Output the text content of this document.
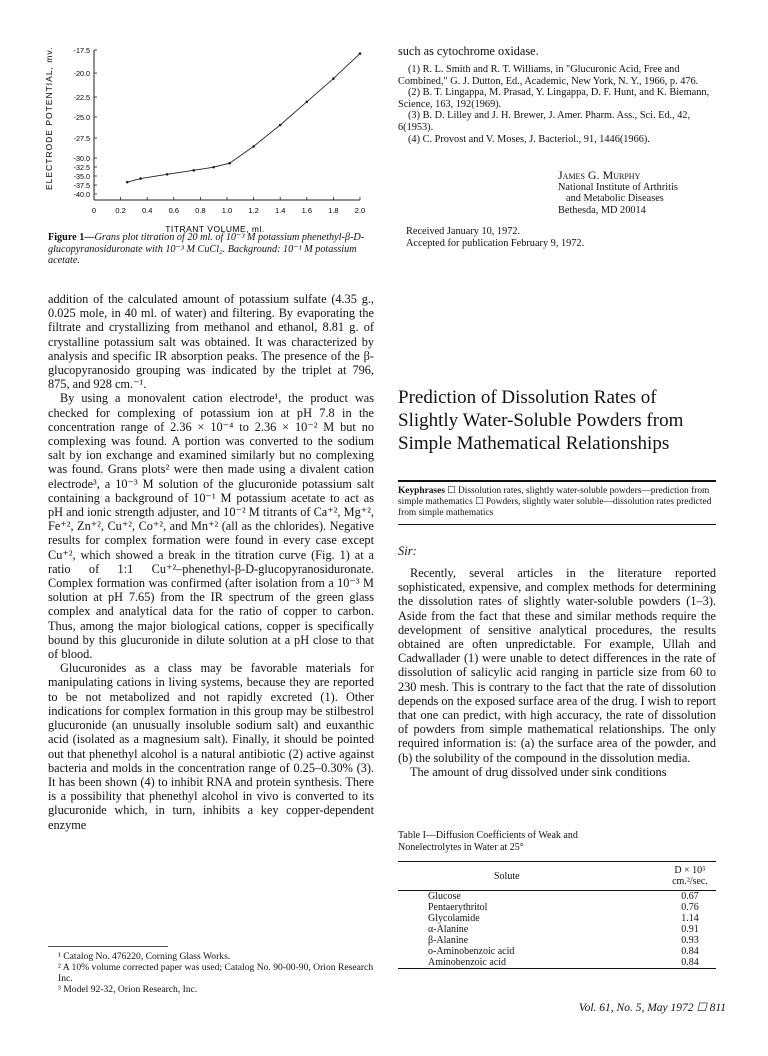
ELECTRODE POTENTIAL, mv.
TITRANT VOLUME, ml.
0	0.2 0.4 0.6 0.8 1.0 1.2 1.4 1.6 1.8 2.0
-17.5
-20.0
-22.5
-25.0
-27.5
-30.0
-32.5
-35.0
-37.5
-40.0
Figure 1—Grans plot titration of 20 ml. of 10⁻³ M potassium phenethyl-β-D-glucopyranosiduronate with 10⁻³ M CuCl₂. Background: 10⁻¹ M potassium acetate.

addition of the calculated amount of potassium sulfate (4.35 g., 0.025 mole, in 40 ml. of water) and filtering. By evaporating the filtrate and crystallizing from methanol and ethanol, 8.81 g. of crystalline potassium salt was obtained. It was characterized by analysis and specific IR absorption peaks. The presence of the β-glucopyranosido grouping was indicated by the triplet at 796, 875, and 928 cm.⁻¹.

By using a monovalent cation electrode¹, the product was checked for complexing of potassium ion at pH 7.8 in the concentration range of 2.36 × 10⁻⁴ to 2.36 × 10⁻² M but no complexing was found. A portion was converted to the sodium salt by ion exchange and examined similarly but no complexing was found. Grans plots² were then made using a divalent cation electrode³, a 10⁻³ M solution of the glucuronide potassium salt containing a background of 10⁻¹ M potassium acetate to act as pH and ionic strength adjuster, and 10⁻² M titrants of Ca⁺², Mg⁺², Fe⁺², Zn⁺², Cu⁺², Co⁺², and Mn⁺² (all as the chlorides). Negative results for complex formation were found in every case except Cu⁺², which showed a break in the titration curve (Fig. 1) at a ratio of 1:1 Cu⁺²–phenethyl-β-D-glucopyranosiduronate. Complex formation was confirmed (after isolation from a 10⁻³ M solution at pH 7.65) from the IR spectrum of the green glass complex and analytical data for the ratio of copper to carbon. Thus, among the major biological cations, copper is specifically bound by this glucuronide in dilute solution at a pH close to that of blood.

Glucuronides as a class may be favorable materials for manipulating cations in living systems, because they are reported to be not metabolized and not rapidly excreted (1). Other indications for complex formation in this group may be stilbestrol glucuronide (an unusually insoluble sodium salt) and euxanthic acid (isolated as a magnesium salt). Finally, it should be pointed out that phenethyl alcohol is a natural antibiotic (2) active against bacteria and molds in the concentration range of 0.25–0.30% (3). It has been shown (4) to inhibit RNA and protein synthesis. There is a possibility that phenethyl alcohol in vivo is converted to its glucuronide which, in turn, inhibits a key copper-dependent enzyme

¹ Catalog No. 476220, Corning Glass Works.
² A 10% volume corrected paper was used; Catalog No. 90-00-90, Orion Research Inc.
³ Model 92-32, Orion Research, Inc.
such as cytochrome oxidase.

(1) R. L. Smith and R. T. Williams, in "Glucuronic Acid, Free and Combined," G. J. Dutton, Ed., Academic, New York, N. Y., 1966, p. 476.

(2) B. T. Lingappa, M. Prasad, Y. Lingappa, D. F. Hunt, and K. Biemann, Science, 163, 192(1969).

(3) B. D. Lilley and J. H. Brewer, J. Amer. Pharm. Ass., Sci. Ed., 42, 6(1953).

(4) C. Provost and V. Moses, J. Bacteriol., 91, 1446(1966).

James G. Murphy
National Institute of Arthritis
and Metabolic Diseases
Bethesda, MD 20014
Received January 10, 1972.
Accepted for publication February 9, 1972.
Prediction of Dissolution Rates of
Slightly Water-Soluble Powders from
Simple Mathematical Relationships
Keyphrases ☐ Dissolution rates, slightly water-soluble powders—prediction from simple mathematics ☐ Powders, slightly water soluble—dissolution rates predicted from simple mathematics
Sir:

Recently, several articles in the literature reported sophisticated, expensive, and complex methods for determining the dissolution rates of slightly water-soluble powders (1–3). Aside from the fact that these and similar methods require the development of sensitive analytical procedures, the results obtained are often unpredictable. For example, Ullah and Cadwallader (1) were unable to detect differences in the rate of dissolution of salicylic acid ranging in particle size from 60 to 230 mesh. This is contrary to the fact that the rate of dissolution depends on the exposed surface area of the drug. I wish to report that one can predict, with high accuracy, the rate of dissolution of powders from simple mathematical relationships. The only required information is: (a) the surface area of the powder, and (b) the solubility of the compound in the dissolution media.

The amount of drug dissolved under sink conditions

Table I—Diffusion Coefficients of Weak and Nonelectrolytes in Water at 25°
Solute	D × 10⁵ cm.²/sec.
Glucose	0.67
Pentaerythritol	0.76
Glycolamide	1.14
α-Alanine	0.91
β-Alanine	0.93
o-Aminobenzoic acid	0.84
Aminobenzoic acid	0.84
Vol. 61, No. 5, May 1972 ☐ 811
